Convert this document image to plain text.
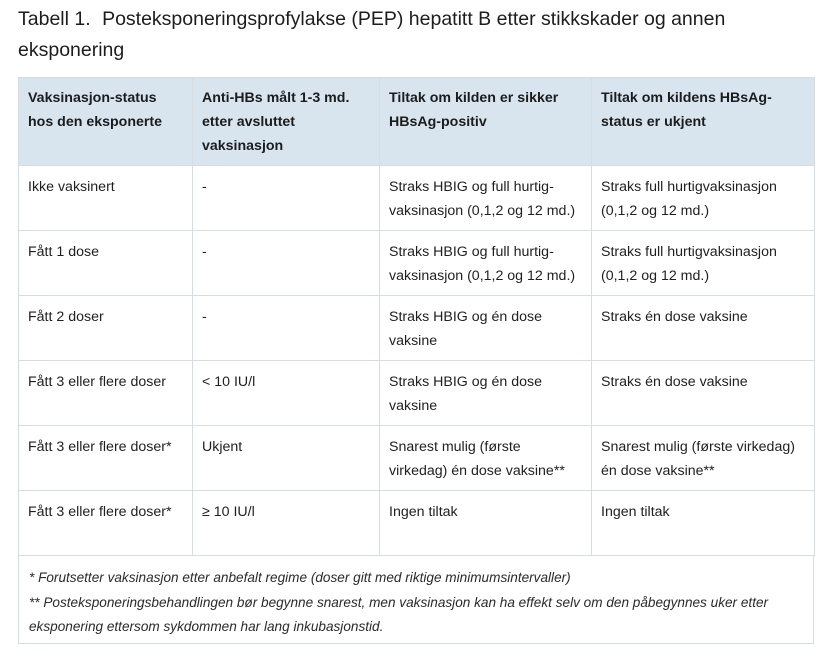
Tabell 1. Posteksponeringsprofylakse (PEP) hepatitt B etter stikkskader og annen eksponering
Vaksinasjon-status hos den eksponerte	Anti-HBs målt 1-3 md. etter avsluttet vaksinasjon	Tiltak om kilden er sikker HBsAg-positiv	Tiltak om kildens HBsAg-status er ukjent
Ikke vaksinert	-	Straks HBIG og full hurtig-vaksinasjon (0,1,2 og 12 md.)	Straks full hurtigvaksinasjon (0,1,2 og 12 md.)
Fått 1 dose	-	Straks HBIG og full hurtig-vaksinasjon (0,1,2 og 12 md.)	Straks full hurtigvaksinasjon (0,1,2 og 12 md.)
Fått 2 doser	-	Straks HBIG og én dose vaksine	Straks én dose vaksine
Fått 3 eller flere doser	< 10 IU/l	Straks HBIG og én dose vaksine	Straks én dose vaksine
Fått 3 eller flere doser*	Ukjent	Snarest mulig (første virkedag) én dose vaksine**	Snarest mulig (første virkedag) én dose vaksine**
Fått 3 eller flere doser*	≥ 10 IU/l	Ingen tiltak	Ingen tiltak

* Forutsetter vaksinasjon etter anbefalt regime (doser gitt med riktige minimumsintervaller)

** Posteksponeringsbehandlingen bør begynne snarest, men vaksinasjon kan ha effekt selv om den påbegynnes uker etter eksponering ettersom sykdommen har lang inkubasjonstid.
